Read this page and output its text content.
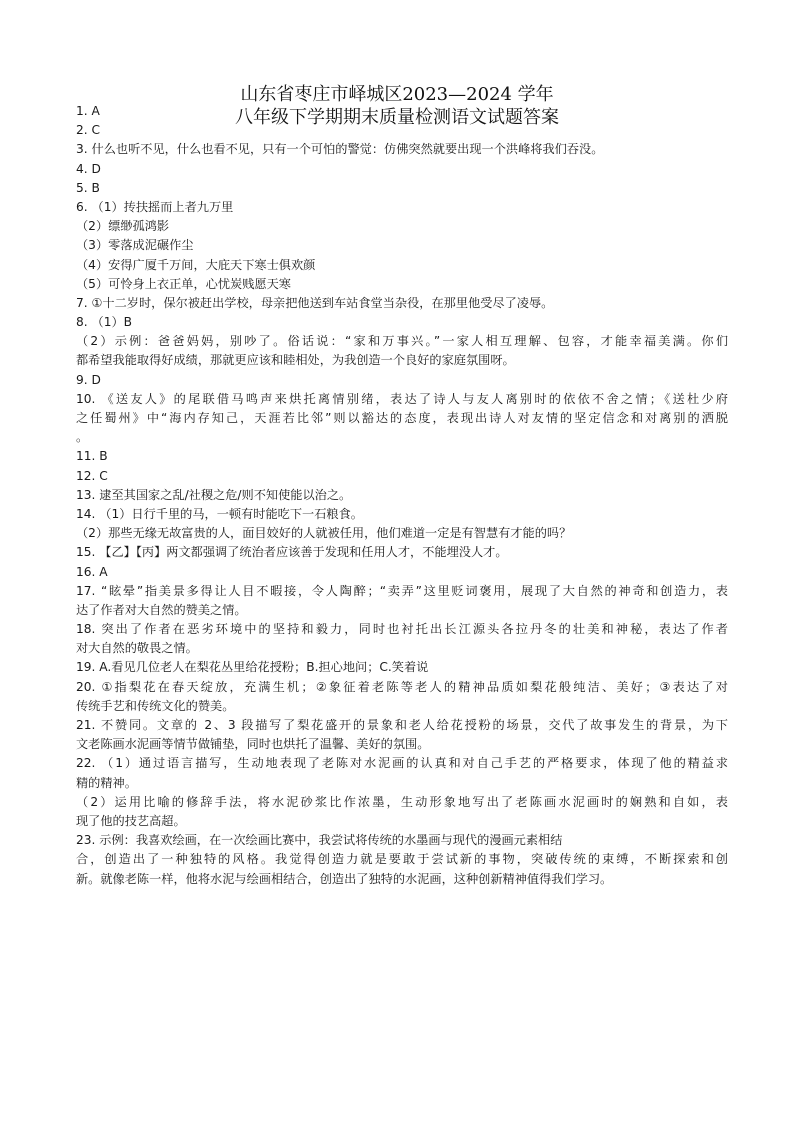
山东省枣庄市峄城区2023—2024 学年
八年级下学期期末质量检测语文试题答案
1. A
2. C
3. 什么也听不见，什么也看不见，只有一个可怕的警觉：仿佛突然就要出现一个洪峰将我们吞没。
4. D
5. B
6. （1）抟扶摇而上者九万里
（2）缥缈孤鸿影
（3）零落成泥碾作尘
（4）安得广厦千万间，大庇天下寒士俱欢颜
（5）可怜身上衣正单，心忧炭贱愿天寒
7. ①十二岁时，保尔被赶出学校，母亲把他送到车站食堂当杂役，在那里他受尽了凌辱。
8. （1）B
（2）示例：爸爸妈妈，别吵了。俗话说：“家和万事兴。”一家人相互理解、包容，才能幸福美满。你们
都希望我能取得好成绩，那就更应该和睦相处，为我创造一个良好的家庭氛围呀。
9. D
10. 《送友人》的尾联借马鸣声来烘托离情别绪，表达了诗人与友人离别时的依依不舍之情；《送杜少府
之任蜀州》中“海内存知己，天涯若比邻”则以豁达的态度，表现出诗人对友情的坚定信念和对离别的洒脱
。
11. B
12. C
13. 逮至其国家之乱/社稷之危/则不知使能以治之。
14. （1）日行千里的马，一顿有时能吃下一石粮食。
（2）那些无缘无故富贵的人，面目姣好的人就被任用，他们难道一定是有智慧有才能的吗？
15. 【乙】【丙】两文都强调了统治者应该善于发现和任用人才，不能埋没人才。
16. A
17. “眩晕”指美景多得让人目不暇接，令人陶醉；“卖弄”这里贬词褒用，展现了大自然的神奇和创造力，表
达了作者对大自然的赞美之情。
18. 突出了作者在恶劣环境中的坚持和毅力，同时也衬托出长江源头各拉丹冬的壮美和神秘，表达了作者
对大自然的敬畏之情。
19. A.看见几位老人在梨花丛里给花授粉；B.担心地问；C.笑着说
20. ①指梨花在春天绽放，充满生机；②象征着老陈等老人的精神品质如梨花般纯洁、美好；③表达了对
传统手艺和传统文化的赞美。
21. 不赞同。文章的 2、3 段描写了梨花盛开的景象和老人给花授粉的场景，交代了故事发生的背景，为下
文老陈画水泥画等情节做铺垫，同时也烘托了温馨、美好的氛围。
22. （1）通过语言描写，生动地表现了老陈对水泥画的认真和对自己手艺的严格要求，体现了他的精益求
精的精神。
（2）运用比喻的修辞手法，将水泥砂浆比作浓墨，生动形象地写出了老陈画水泥画时的娴熟和自如，表
现了他的技艺高超。
23. 示例：我喜欢绘画，在一次绘画比赛中，我尝试将传统的水墨画与现代的漫画元素相结
合，创造出了一种独特的风格。我觉得创造力就是要敢于尝试新的事物，突破传统的束缚，不断探索和创
新。就像老陈一样，他将水泥与绘画相结合，创造出了独特的水泥画，这种创新精神值得我们学习。
